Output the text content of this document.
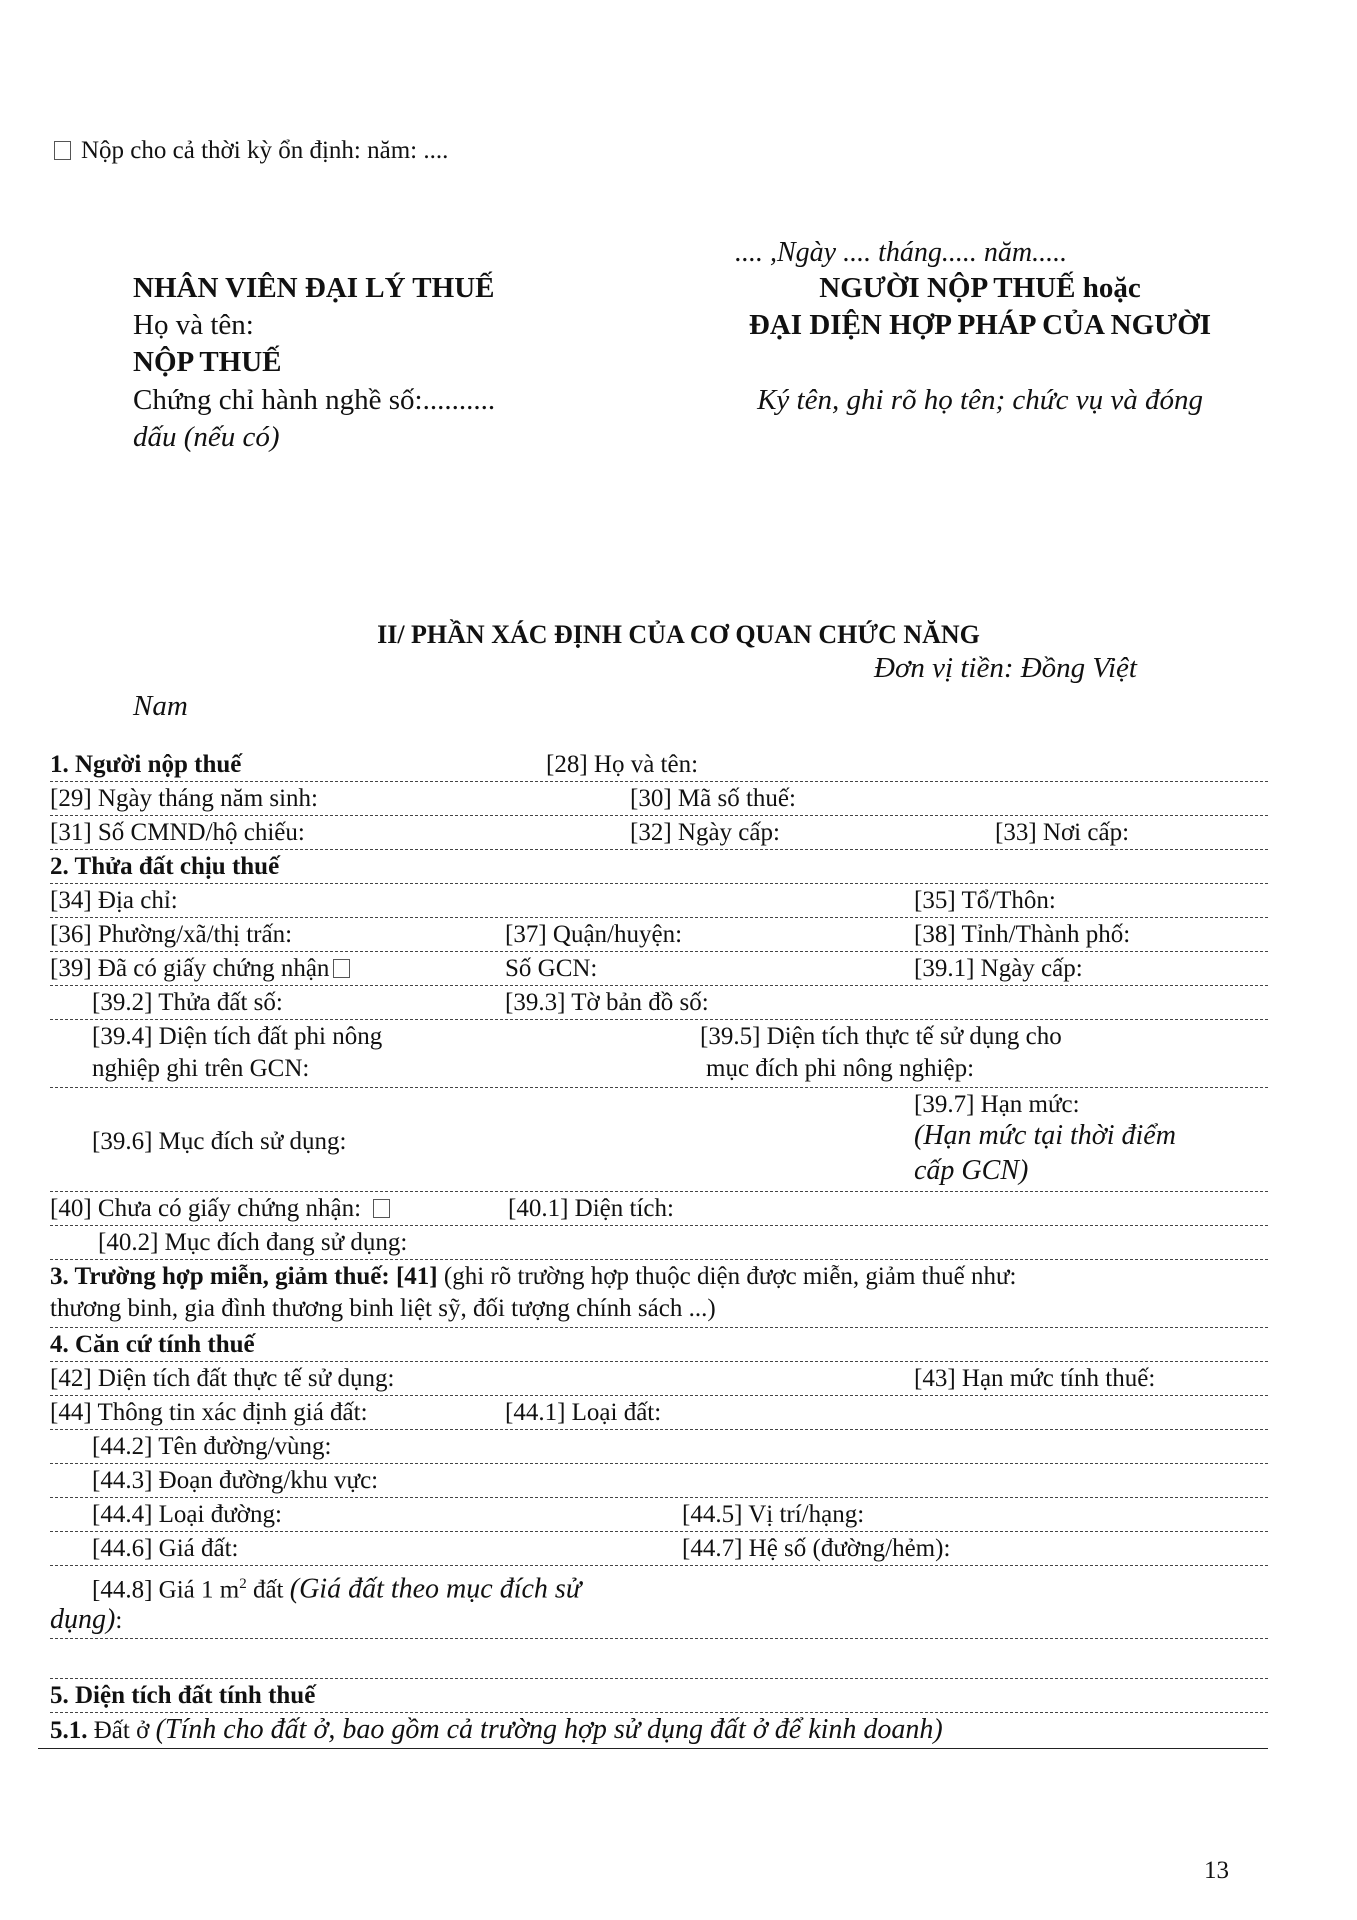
Nộp cho cả thời kỳ ổn định: năm: ....
.... ,Ngày .... tháng..... năm.....
NHÂN VIÊN ĐẠI LÝ THUẾ
Họ và tên:
NỘP THUẾ
Chứng chỉ hành nghề số:..........
dấu (nếu có)
NGƯỜI NỘP THUẾ hoặc
ĐẠI DIỆN HỢP PHÁP CỦA NGƯỜI
Ký tên, ghi rõ họ tên; chức vụ và đóng
II/ PHẦN XÁC ĐỊNH CỦA CƠ QUAN CHỨC NĂNG
Đơn vị tiền: Đồng Việt
Nam
1. Người nộp thuế	[28] Họ và tên:
[29] Ngày tháng năm sinh:	[30] Mã số thuế:
[31] Số CMND/hộ chiếu:	[32] Ngày cấp:	[33] Nơi cấp:
2. Thửa đất chịu thuế
[34] Địa chỉ:	[35] Tổ/Thôn:
[36] Phường/xã/thị trấn:	[37] Quận/huyện:	[38] Tỉnh/Thành phố:
[39] Đã có giấy chứng nhận	Số GCN:	[39.1] Ngày cấp:
[39.2] Thửa đất số:	[39.3] Tờ bản đồ số:
[39.4] Diện tích đất phi nông
nghiệp ghi trên GCN:
[39.5] Diện tích thực tế sử dụng cho
mục đích phi nông nghiệp:
[39.6] Mục đích sử dụng:
[39.7] Hạn mức:
(Hạn mức tại thời điểm
cấp GCN)
[40] Chưa có giấy chứng nhận:	[40.1] Diện tích:
[40.2] Mục đích đang sử dụng:
3. Trường hợp miễn, giảm thuế: [41] (ghi rõ trường hợp thuộc diện được miễn, giảm thuế như:
thương binh, gia đình thương binh liệt sỹ, đối tượng chính sách ...)
4. Căn cứ tính thuế
[42] Diện tích đất thực tế sử dụng:	[43] Hạn mức tính thuế:
[44] Thông tin xác định giá đất:	[44.1] Loại đất:
[44.2] Tên đường/vùng:
[44.3] Đoạn đường/khu vực:
[44.4] Loại đường:	[44.5] Vị trí/hạng:
[44.6] Giá đất:	[44.7] Hệ số (đường/hẻm):
[44.8] Giá 1 $m^2$ đất (Giá đất theo mục đích sử
dụng):
5. Diện tích đất tính thuế
5.1. Đất ở (Tính cho đất ở, bao gồm cả trường hợp sử dụng đất ở để kinh doanh)
13
